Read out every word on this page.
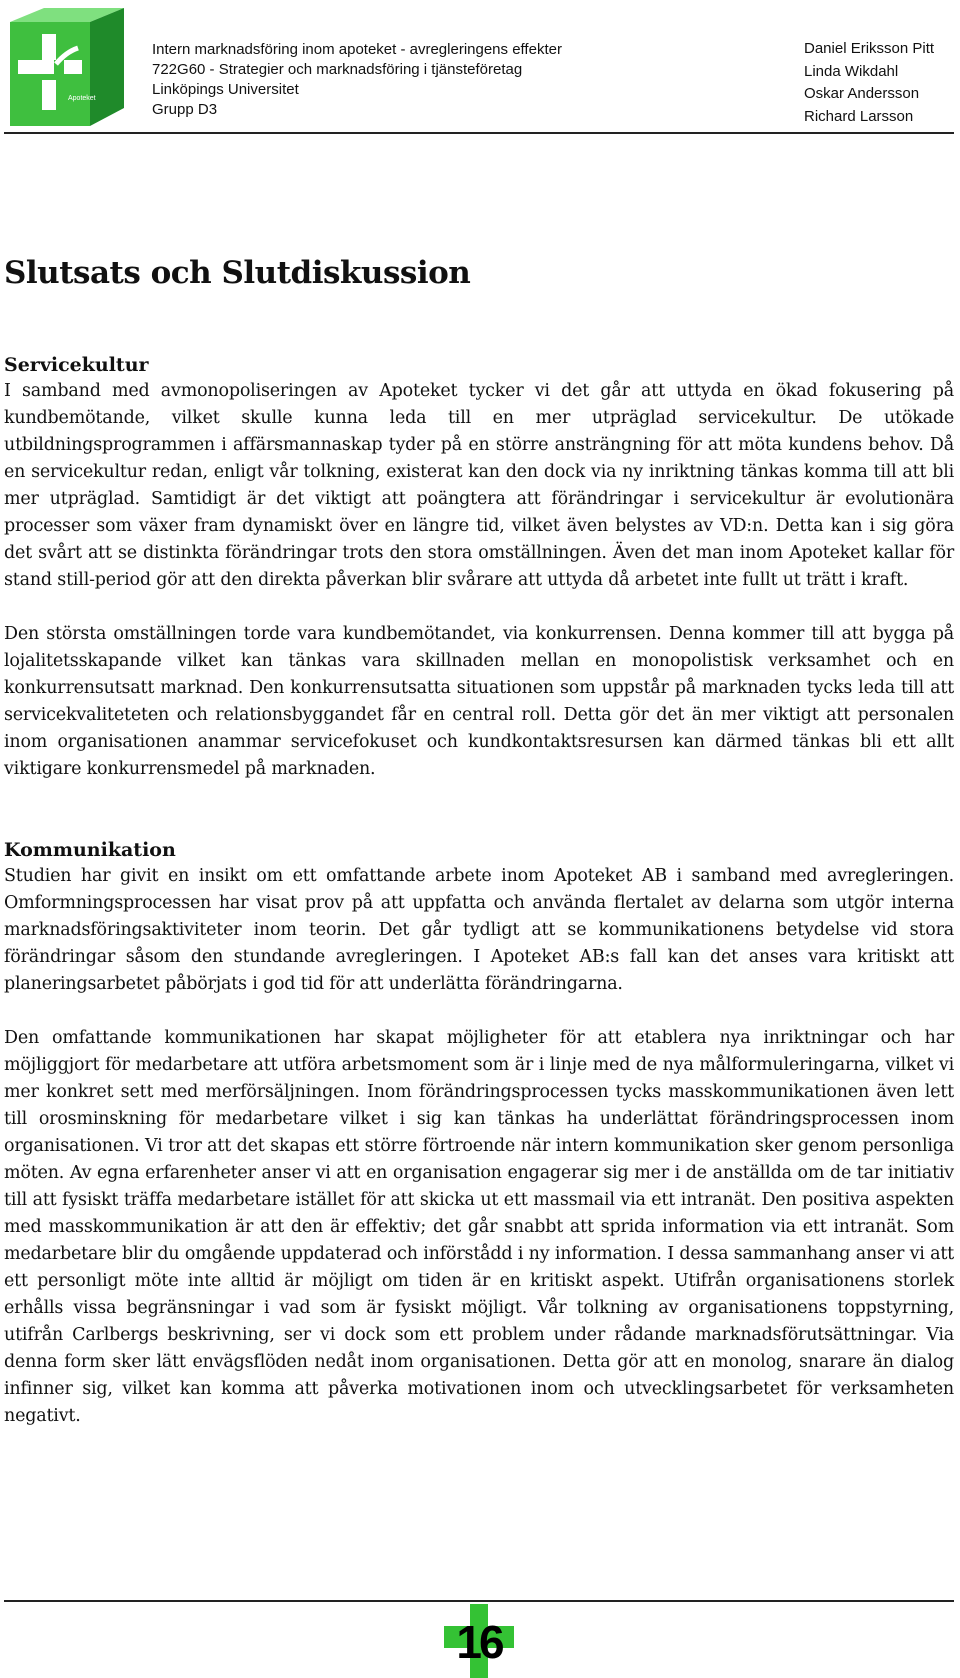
Apoteket
Intern marknadsföring inom apoteket - avregleringens effekter
722G60 - Strategier och marknadsföring i tjänsteföretag
Linköpings Universitet
Grupp D3
Daniel Eriksson Pitt
Linda Wikdahl
Oskar Andersson
Richard Larsson
Slutsats och Slutdiskussion
Servicekultur

I samband med avmonopoliseringen av Apoteket tycker vi det går att uttyda en ökad fokusering på kundbemötande, vilket skulle kunna leda till en mer utpräglad servicekultur. De utökade utbildningsprogrammen i affärsmannaskap tyder på en större ansträngning för att möta kundens behov. Då en servicekultur redan, enligt vår tolkning, existerat kan den dock via ny inriktning tänkas komma till att bli mer utpräglad. Samtidigt är det viktigt att poängtera att förändringar i servicekultur är evolutionära processer som växer fram dynamiskt över en längre tid, vilket även belystes av VD:n. Detta kan i sig göra det svårt att se distinkta förändringar trots den stora omställningen. Även det man inom Apoteket kallar för stand still-period gör att den direkta påverkan blir svårare att uttyda då arbetet inte fullt ut trätt i kraft.

Den största omställningen torde vara kundbemötandet, via konkurrensen. Denna kommer till att bygga på lojalitetsskapande vilket kan tänkas vara skillnaden mellan en monopolistisk verksamhet och en konkurrensutsatt marknad. Den konkurrensutsatta situationen som uppstår på marknaden tycks leda till att servicekvaliteteten och relationsbyggandet får en central roll. Detta gör det än mer viktigt att personalen inom organisationen anammar servicefokuset och kundkontaktsresursen kan därmed tänkas bli ett allt viktigare konkurrensmedel på marknaden.

Kommunikation

Studien har givit en insikt om ett omfattande arbete inom Apoteket AB i samband med avregleringen. Omformningsprocessen har visat prov på att uppfatta och använda flertalet av delarna som utgör interna marknadsföringsaktiviteter inom teorin. Det går tydligt att se kommunikationens betydelse vid stora förändringar såsom den stundande avregleringen. I Apoteket AB:s fall kan det anses vara kritiskt att planeringsarbetet påbörjats i god tid för att underlätta förändringarna.

Den omfattande kommunikationen har skapat möjligheter för att etablera nya inriktningar och har möjliggjort för medarbetare att utföra arbetsmoment som är i linje med de nya målformuleringarna, vilket vi mer konkret sett med merförsäljningen. Inom förändringsprocessen tycks masskommunikationen även lett till orosminskning för medarbetare vilket i sig kan tänkas ha underlättat förändringsprocessen inom organisationen. Vi tror att det skapas ett större förtroende när intern kommunikation sker genom personliga möten. Av egna erfarenheter anser vi att en organisation engagerar sig mer i de anställda om de tar initiativ till att fysiskt träffa medarbetare istället för att skicka ut ett massmail via ett intranät. Den positiva aspekten med masskommunikation är att den är effektiv; det går snabbt att sprida information via ett intranät. Som medarbetare blir du omgående uppdaterad och införstådd i ny information. I dessa sammanhang anser vi att ett personligt möte inte alltid är möjligt om tiden är en kritiskt aspekt. Utifrån organisationens storlek erhålls vissa begränsningar i vad som är fysiskt möjligt. Vår tolkning av organisationens toppstyrning, utifrån Carlbergs beskrivning, ser vi dock som ett problem under rådande marknadsförutsättningar. Via denna form sker lätt envägsflöden nedåt inom organisationen. Detta gör att en monolog, snarare än dialog infinner sig, vilket kan komma att påverka motivationen inom och utvecklingsarbetet för verksamheten negativt.

16
